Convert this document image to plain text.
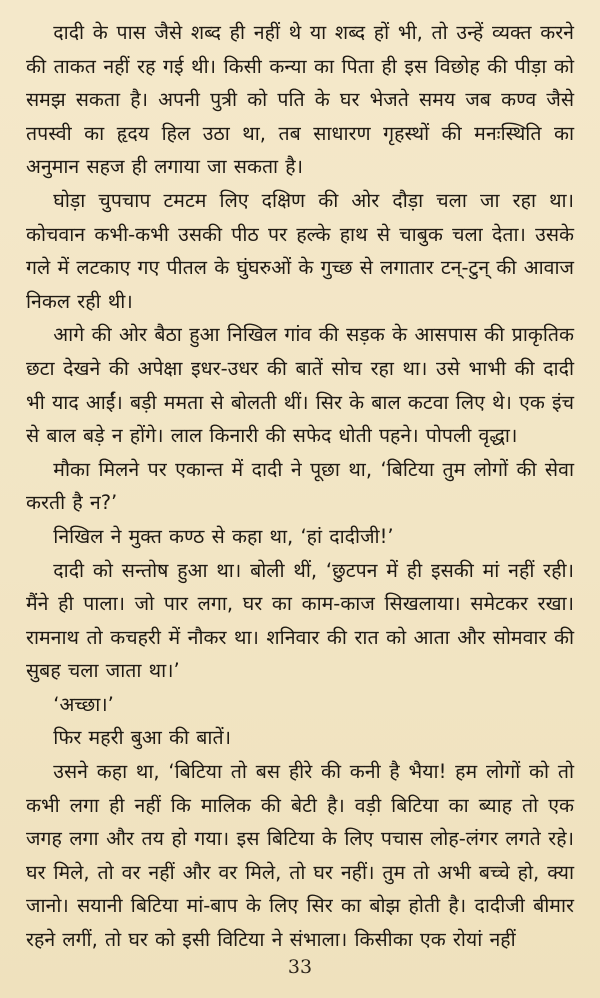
दादी के पास जैसे शब्द ही नहीं थे या शब्द हों भी, तो उन्हें व्यक्त करने की ताकत नहीं रह गई थी। किसी कन्या का पिता ही इस विछोह की पीड़ा को समझ सकता है। अपनी पुत्री को पति के घर भेजते समय जब कण्व जैसे तपस्वी का हृदय हिल उठा था, तब साधारण गृहस्थों की मनःस्थिति का अनुमान सहज ही लगाया जा सकता है।

घोड़ा चुपचाप टमटम लिए दक्षिण की ओर दौड़ा चला जा रहा था। कोचवान कभी-कभी उसकी पीठ पर हल्के हाथ से चाबुक चला देता। उसके गले में लटकाए गए पीतल के घुंघरुओं के गुच्छ से लगातार टन्-टुन् की आवाज निकल रही थी।

आगे की ओर बैठा हुआ निखिल गांव की सड़क के आसपास की प्राकृतिक छटा देखने की अपेक्षा इधर-उधर की बातें सोच रहा था। उसे भाभी की दादी भी याद आईं। बड़ी ममता से बोलती थीं। सिर के बाल कटवा लिए थे। एक इंच से बाल बड़े न होंगे। लाल किनारी की सफेद धोती पहने। पोपली वृद्धा।

मौका मिलने पर एकान्त में दादी ने पूछा था, ‘बिटिया तुम लोगों की सेवा करती है न?’

निखिल ने मुक्त कण्ठ से कहा था, ‘हां दादीजी!’

दादी को सन्तोष हुआ था। बोली थीं, ‘छुटपन में ही इसकी मां नहीं रही। मैंने ही पाला। जो पार लगा, घर का काम-काज सिखलाया। समेटकर रखा। रामनाथ तो कचहरी में नौकर था। शनिवार की रात को आता और सोमवार की सुबह चला जाता था।’

‘अच्छा।’

फिर महरी बुआ की बातें।

उसने कहा था, ‘बिटिया तो बस हीरे की कनी है भैया! हम लोगों को तो कभी लगा ही नहीं कि मालिक की बेटी है। वड़ी बिटिया का ब्याह तो एक जगह लगा और तय हो गया। इस बिटिया के लिए पचास लोह-लंगर लगते रहे। घर मिले, तो वर नहीं और वर मिले, तो घर नहीं। तुम तो अभी बच्चे हो, क्या जानो। सयानी बिटिया मां-बाप के लिए सिर का बोझ होती है। दादीजी बीमार रहने लगीं, तो घर को इसी विटिया ने संभाला। किसीका एक रोयां नहीं

33
